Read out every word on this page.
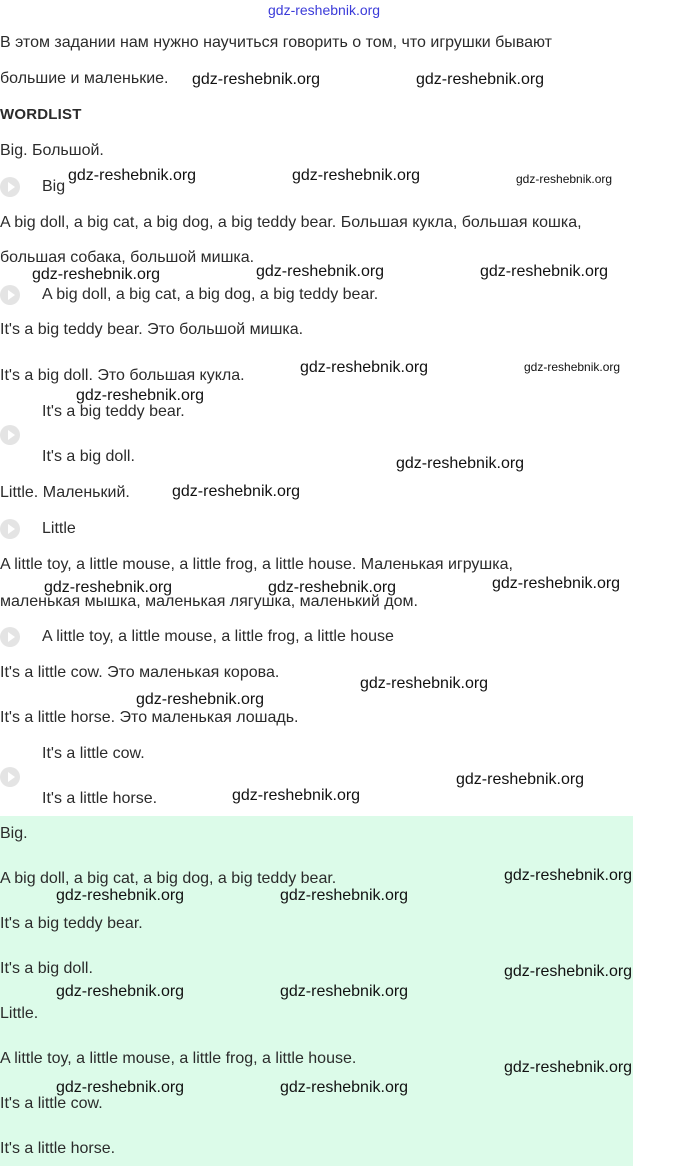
gdz-reshebnik.org
В этом задании нам нужно научиться говорить о том, что игрушки бывают
большие и маленькие.
WORDLIST
Big. Большой.
Big
A big doll, a big cat, a big dog, a big teddy bear. Большая кукла, большая кошка,
большая собака, большой мишка.
A big doll, a big cat, a big dog, a big teddy bear.
It's a big teddy bear. Это большой мишка.
It's a big doll. Это большая кукла.
It's a big teddy bear.
It's a big doll.
Little. Маленький.
Little
A little toy, a little mouse, a little frog, a little house. Маленькая игрушка,
маленькая мышка, маленькая лягушка, маленький дом.
A little toy, a little mouse, a little frog, a little house
It's a little cow. Это маленькая корова.
It's a little horse. Это маленькая лошадь.
It's a little cow.
It's a little horse.
Big.
A big doll, a big cat, a big dog, a big teddy bear.
It's a big teddy bear.
It's a big doll.
Little.
A little toy, a little mouse, a little frog, a little house.
It's a little cow.
It's a little horse.
gdz-reshebnik.org	gdz-reshebnik.org
gdz-reshebnik.org	gdz-reshebnik.org	gdz-reshebnik.org
gdz-reshebnik.org	gdz-reshebnik.org	gdz-reshebnik.org
gdz-reshebnik.org	gdz-reshebnik.org
gdz-reshebnik.org
gdz-reshebnik.org
gdz-reshebnik.org
gdz-reshebnik.org	gdz-reshebnik.org	gdz-reshebnik.org
gdz-reshebnik.org
gdz-reshebnik.org
gdz-reshebnik.org
gdz-reshebnik.org
gdz-reshebnik.org
gdz-reshebnik.org	gdz-reshebnik.org
gdz-reshebnik.org
gdz-reshebnik.org	gdz-reshebnik.org
gdz-reshebnik.org
gdz-reshebnik.org	gdz-reshebnik.org
